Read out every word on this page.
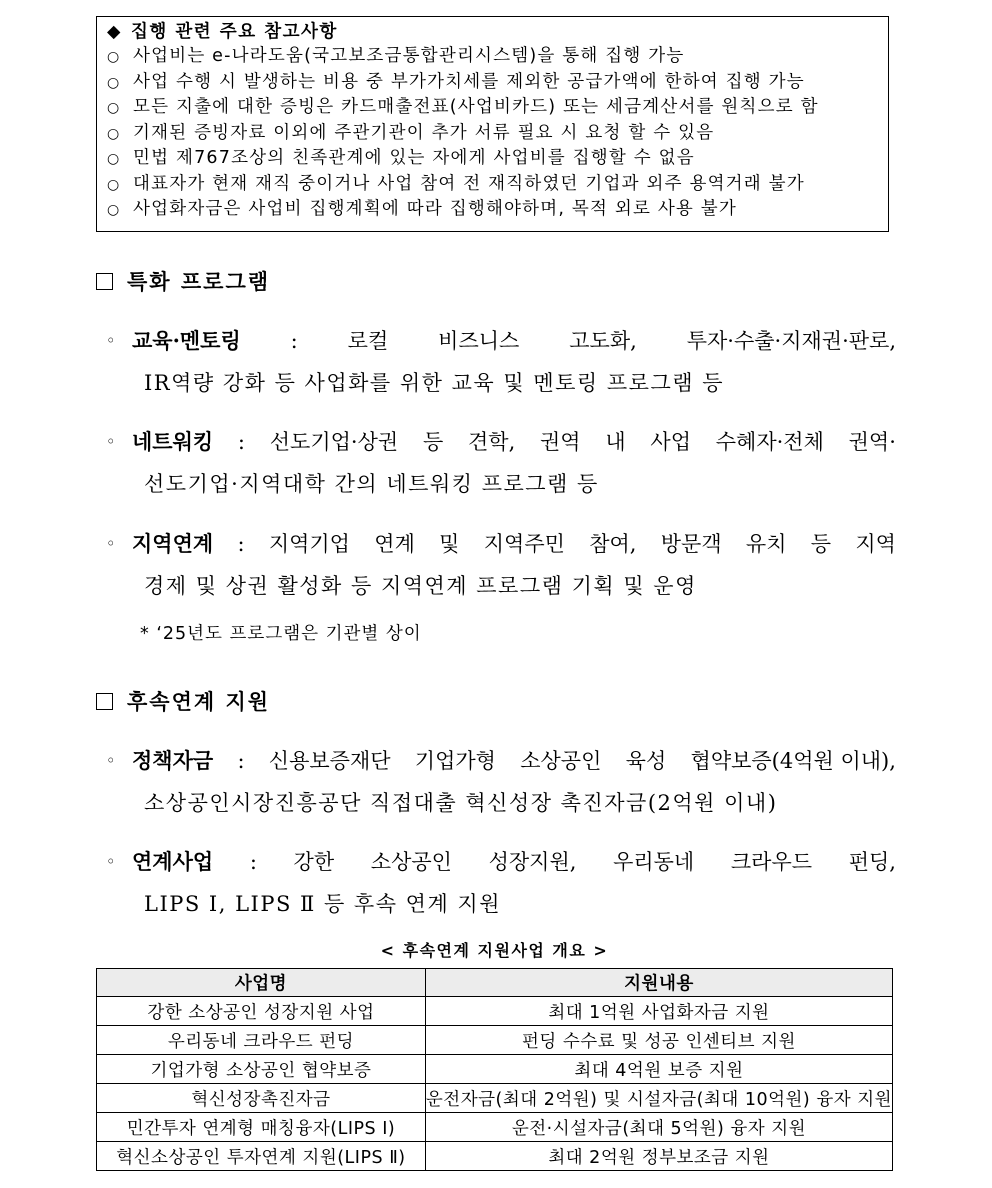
◆ 집행 관련 주요 참고사항
○ 사업비는 e-나라도움(국고보조금통합관리시스템)을 통해 집행 가능
○ 사업 수행 시 발생하는 비용 중 부가가치세를 제외한 공급가액에 한하여 집행 가능
○ 모든 지출에 대한 증빙은 카드매출전표(사업비카드) 또는 세금계산서를 원칙으로 함
○ 기재된 증빙자료 이외에 주관기관이 추가 서류 필요 시 요청 할 수 있음
○ 민법 제767조상의 친족관계에 있는 자에게 사업비를 집행할 수 없음
○ 대표자가 현재 재직 중이거나 사업 참여 전 재직하였던 기업과 외주 용역거래 불가
○ 사업화자금은 사업비 집행계획에 따라 집행해야하며, 목적 외로 사용 불가
특화 프로그램
◦ 교육·멘토링 : 로컬 비즈니스 고도화, 투자·수출·지재권·판로,
IR역량 강화 등 사업화를 위한 교육 및 멘토링 프로그램 등
◦ 네트워킹 : 선도기업·상권 등 견학, 권역 내 사업 수혜자·전체 권역·
선도기업·지역대학 간의 네트워킹 프로그램 등
◦ 지역연계 : 지역기업 연계 및 지역주민 참여, 방문객 유치 등 지역
경제 및 상권 활성화 등 지역연계 프로그램 기획 및 운영
* ‘25년도 프로그램은 기관별 상이
후속연계 지원
◦ 정책자금 : 신용보증재단 기업가형 소상공인 육성 협약보증(4억원 이내),
소상공인시장진흥공단 직접대출 혁신성장 촉진자금(2억원 이내)
◦ 연계사업 : 강한 소상공인 성장지원, 우리동네 크라우드 펀딩,
LIPS Ⅰ, LIPS Ⅱ 등 후속 연계 지원
< 후속연계 지원사업 개요 >
사업명	지원내용
강한 소상공인 성장지원 사업	최대 1억원 사업화자금 지원
우리동네 크라우드 펀딩	펀딩 수수료 및 성공 인센티브 지원
기업가형 소상공인 협약보증	최대 4억원 보증 지원
혁신성장촉진자금	운전자금(최대 2억원) 및 시설자금(최대 10억원) 융자 지원
민간투자 연계형 매칭융자(LIPS Ⅰ)	운전·시설자금(최대 5억원) 융자 지원
혁신소상공인 투자연계 지원(LIPS Ⅱ)	최대 2억원 정부보조금 지원
